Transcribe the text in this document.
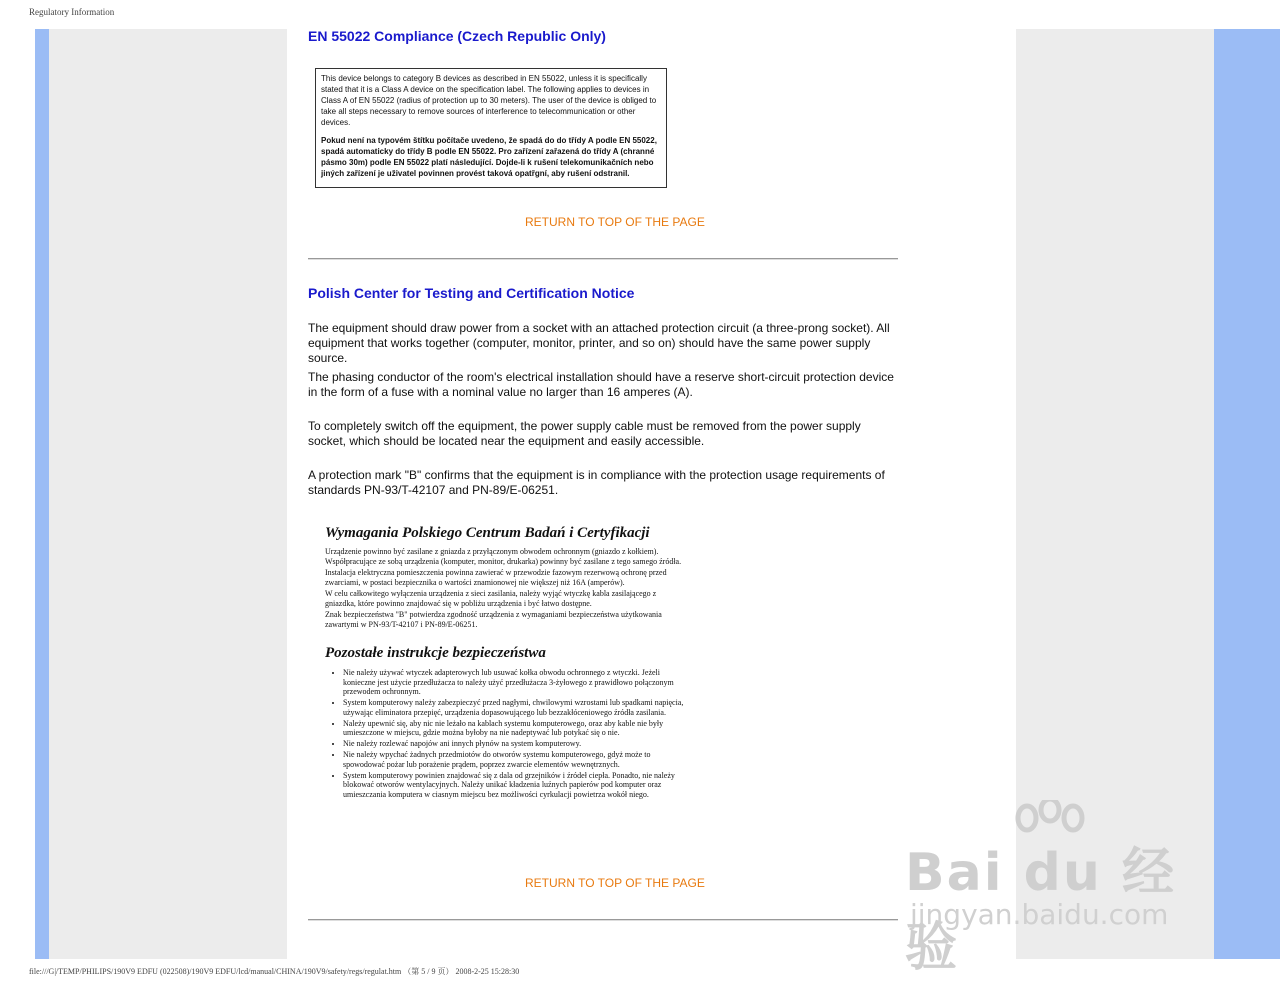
Regulatory Information
EN 55022 Compliance (Czech Republic Only)

This device belongs to category B devices as described in EN 55022, unless it is specifically stated that it is a Class A device on the specification label. The following applies to devices in Class A of EN 55022 (radius of protection up to 30 meters). The user of the device is obliged to take all steps necessary to remove sources of interference to telecommunication or other devices.

Pokud není na typovém štítku počítače uvedeno, že spadá do do třídy A podle EN 55022, spadá automaticky do třídy B podle EN 55022. Pro zařízení zařazená do třídy A (chranné pásmo 30m) podle EN 55022 platí následující. Dojde-li k rušení telekomunikačních nebo jiných zařízení je uživatel povinnen provést taková opatřgní, aby rušení odstranil.

RETURN TO TOP OF THE PAGE
Polish Center for Testing and Certification Notice

The equipment should draw power from a socket with an attached protection circuit (a three-prong socket). All equipment that works together (computer, monitor, printer, and so on) should have the same power supply source.

The phasing conductor of the room's electrical installation should have a reserve short-circuit protection device in the form of a fuse with a nominal value no larger than 16 amperes (A).

To completely switch off the equipment, the power supply cable must be removed from the power supply socket, which should be located near the equipment and easily accessible.

A protection mark "B" confirms that the equipment is in compliance with the protection usage requirements of standards PN-93/T-42107 and PN-89/E-06251.

Wymagania Polskiego Centrum Badań i Certyfikacji

Urządzenie powinno być zasilane z gniazda z przyłączonym obwodem ochronnym (gniazdo z kołkiem). Współpracujące ze sobą urządzenia (komputer, monitor, drukarka) powinny być zasilane z tego samego źródła.

Instalacja elektryczna pomieszczenia powinna zawierać w przewodzie fazowym rezerwową ochronę przed zwarciami, w postaci bezpiecznika o wartości znamionowej nie większej niż 16A (amperów).

W celu całkowitego wyłączenia urządzenia z sieci zasilania, należy wyjąć wtyczkę kabla zasilającego z gniazdka, które powinno znajdować się w pobliżu urządzenia i być łatwo dostępne.

Znak bezpieczeństwa "B" potwierdza zgodność urządzenia z wymaganiami bezpieczeństwa użytkowania zawartymi w PN-93/T-42107 i PN-89/E-06251.

Pozostałe instrukcje bezpieczeństwa
• Nie należy używać wtyczek adapterowych lub usuwać kołka obwodu ochronnego z wtyczki. Jeżeli konieczne jest użycie przedłużacza to należy użyć przedłużacza 3-żyłowego z prawidłowo połączonym przewodem ochronnym.
• System komputerowy należy zabezpieczyć przed nagłymi, chwilowymi wzrostami lub spadkami napięcia, używając eliminatora przepięć, urządzenia dopasowującego lub bezzakłóceniowego źródła zasilania.
• Należy upewnić się, aby nic nie leżało na kablach systemu komputerowego, oraz aby kable nie były umieszczone w miejscu, gdzie można byłoby na nie nadeptywać lub potykać się o nie.
• Nie należy rozlewać napojów ani innych płynów na system komputerowy.
• Nie należy wpychać żadnych przedmiotów do otworów systemu komputerowego, gdyż może to spowodować pożar lub porażenie prądem, poprzez zwarcie elementów wewnętrznych.
• System komputerowy powinien znajdować się z dala od grzejników i źródeł ciepła. Ponadto, nie należy blokować otworów wentylacyjnych. Należy unikać kładzenia luźnych papierów pod komputer oraz umieszczania komputera w ciasnym miejscu bez możliwości cyrkulacji powietrza wokół niego.
RETURN TO TOP OF THE PAGE
file:///G|/TEMP/PHILIPS/190V9 EDFU (022508)/190V9 EDFU/lcd/manual/CHINA/190V9/safety/regs/regulat.htm （第 5 / 9 页） 2008-2-25 15:28:30
Bai du 经验
jingyan.baidu.com
